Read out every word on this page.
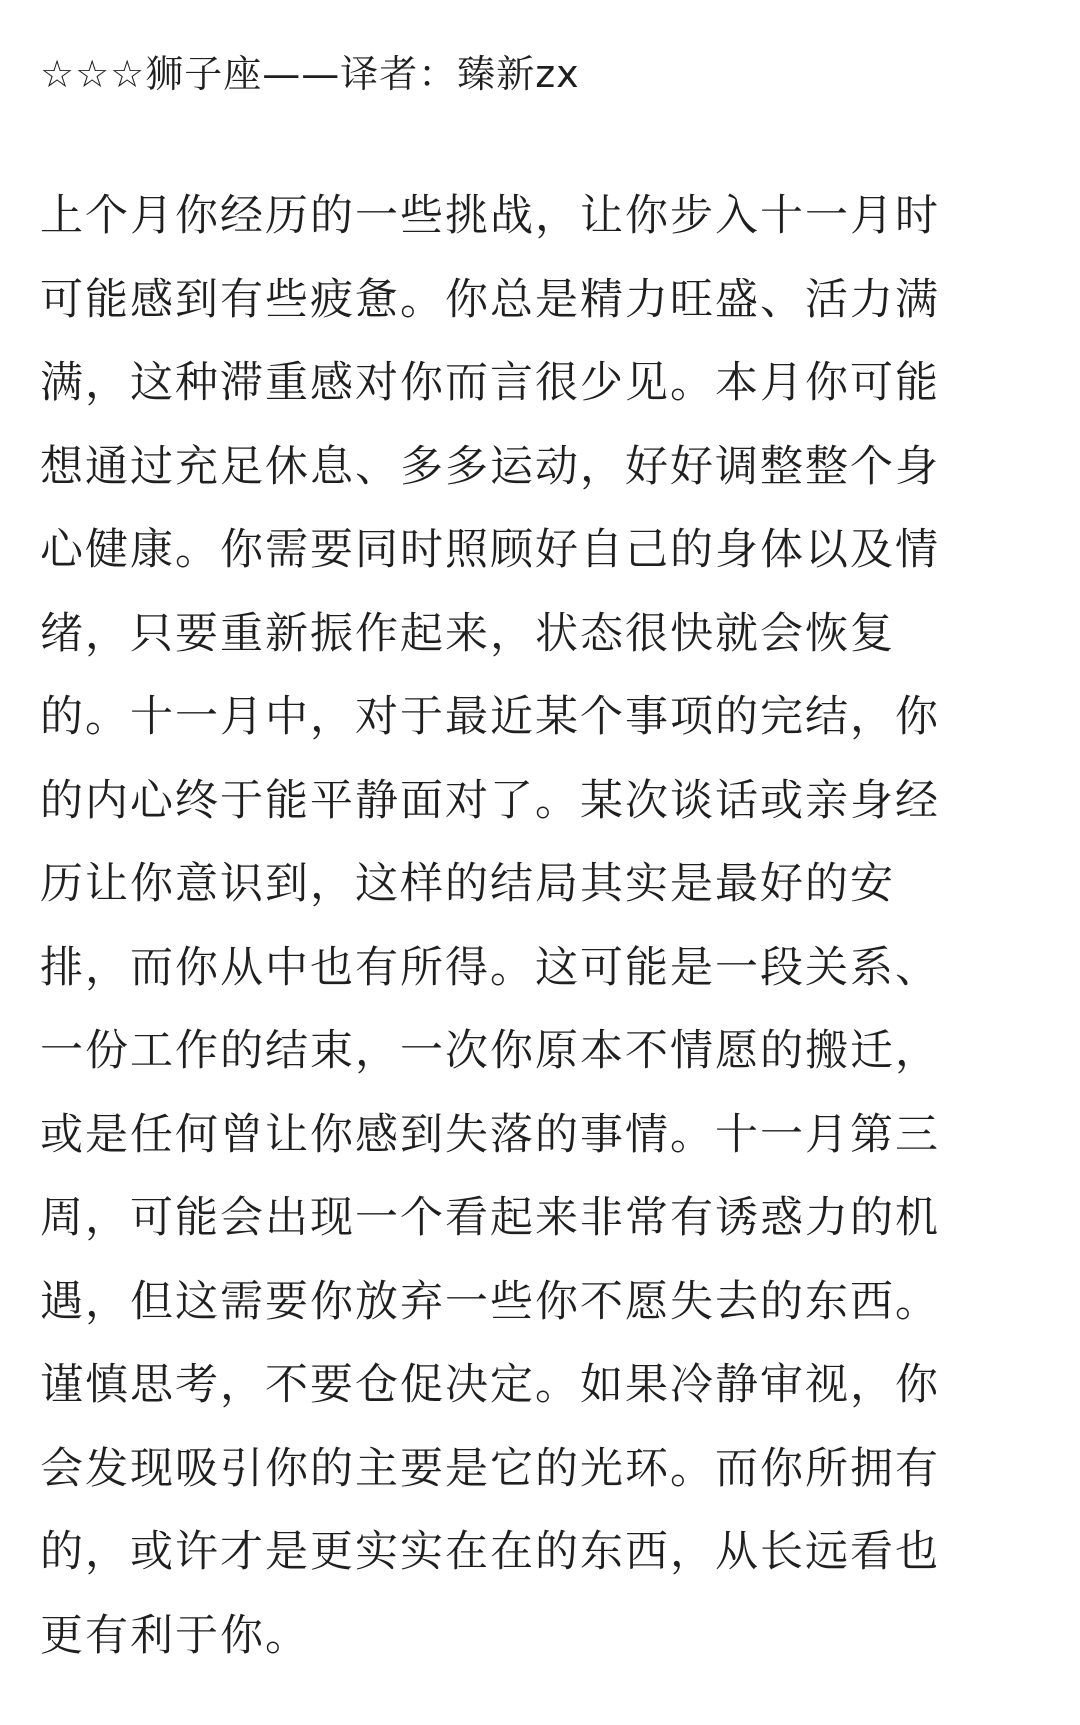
☆☆☆狮子座——译者：臻新zx
上个月你经历的一些挑战，让你步入十一月时
可能感到有些疲惫。你总是精力旺盛、活力满
满，这种滞重感对你而言很少见。本月你可能
想通过充足休息、多多运动，好好调整整个身
心健康。你需要同时照顾好自己的身体以及情
绪，只要重新振作起来，状态很快就会恢复
的。十一月中，对于最近某个事项的完结，你
的内心终于能平静面对了。某次谈话或亲身经
历让你意识到，这样的结局其实是最好的安
排，而你从中也有所得。这可能是一段关系、
一份工作的结束，一次你原本不情愿的搬迁，
或是任何曾让你感到失落的事情。十一月第三
周，可能会出现一个看起来非常有诱惑力的机
遇，但这需要你放弃一些你不愿失去的东西。
谨慎思考，不要仓促决定。如果冷静审视，你
会发现吸引你的主要是它的光环。而你所拥有
的，或许才是更实实在在的东西，从长远看也
更有利于你。
